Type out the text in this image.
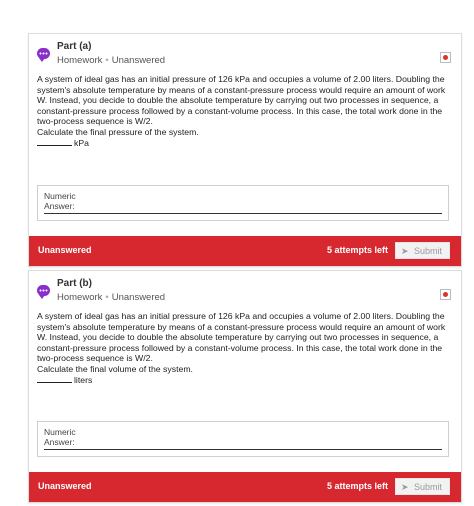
Part (a)
Homework • Unanswered

A system of ideal gas has an initial pressure of 126 kPa and occupies a volume of 2.00 liters. Doubling the system's absolute temperature by means of a constant-pressure process would require an amount of work W. Instead, you decide to double the absolute temperature by carrying out two processes in sequence, a constant-pressure process followed by a constant-volume process. In this case, the total work done in the two-process sequence is W/2.

Calculate the final pressure of the system.

kPa

Numeric Answer:
Unanswered	5 attempts left ➤ Submit
Part (b)
Homework • Unanswered

A system of ideal gas has an initial pressure of 126 kPa and occupies a volume of 2.00 liters. Doubling the system's absolute temperature by means of a constant-pressure process would require an amount of work W. Instead, you decide to double the absolute temperature by carrying out two processes in sequence, a constant-pressure process followed by a constant-volume process. In this case, the total work done in the two-process sequence is W/2.

Calculate the final volume of the system.

liters

Numeric Answer:
Unanswered	5 attempts left ➤ Submit
